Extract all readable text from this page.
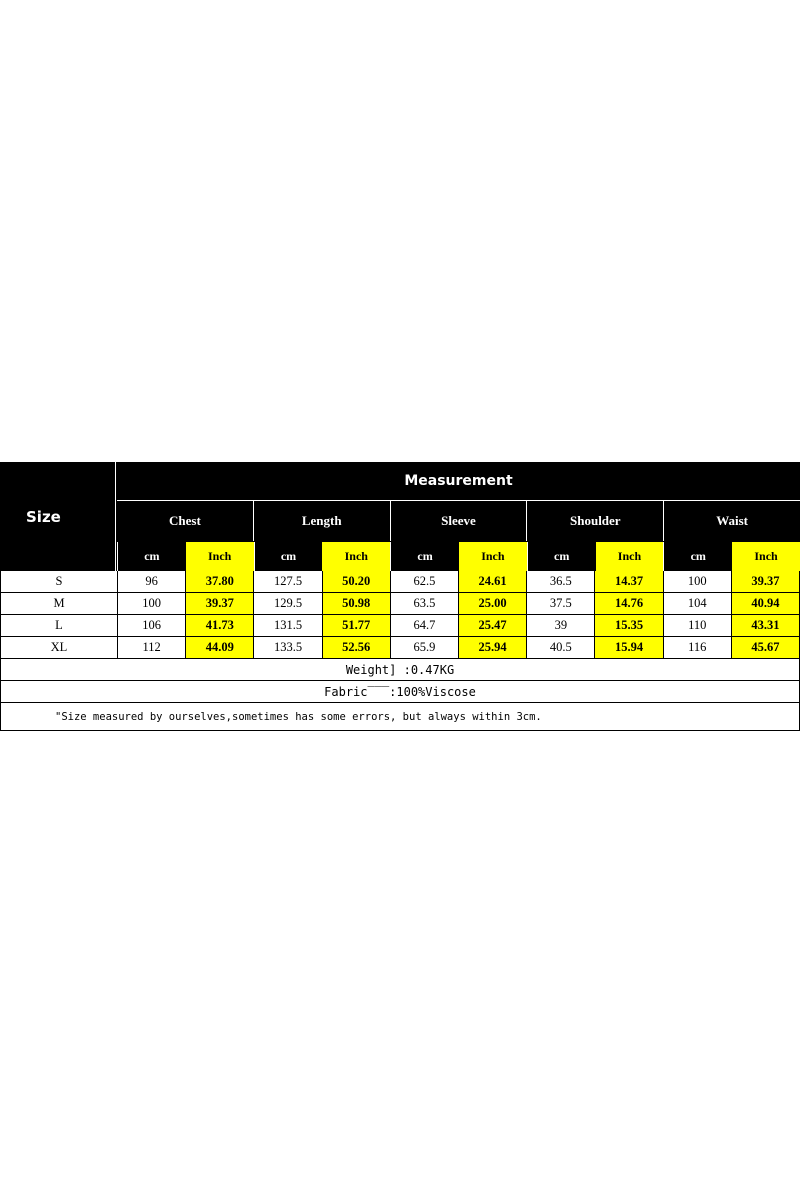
Size
Measurement
Chest	Length	Sleeve	Shoulder	Waist
cm	Inch	cm	Inch	cm	Inch	cm	Inch	cm	Inch
S	96	37.80	127.5	50.20	62.5	24.61	36.5	14.37	100	39.37
M	100	39.37	129.5	50.98	63.5	25.00	37.5	14.76	104	40.94
L	106	41.73	131.5	51.77	64.7	25.47	39	15.35	110	43.31
XL	112	44.09	133.5	52.56	65.9	25.94	40.5	15.94	116	45.67
Weight] :0.47KG
Fabric‾‾‾:100%Viscose
"Size measured by ourselves,sometimes has some errors, but always within 3cm.
